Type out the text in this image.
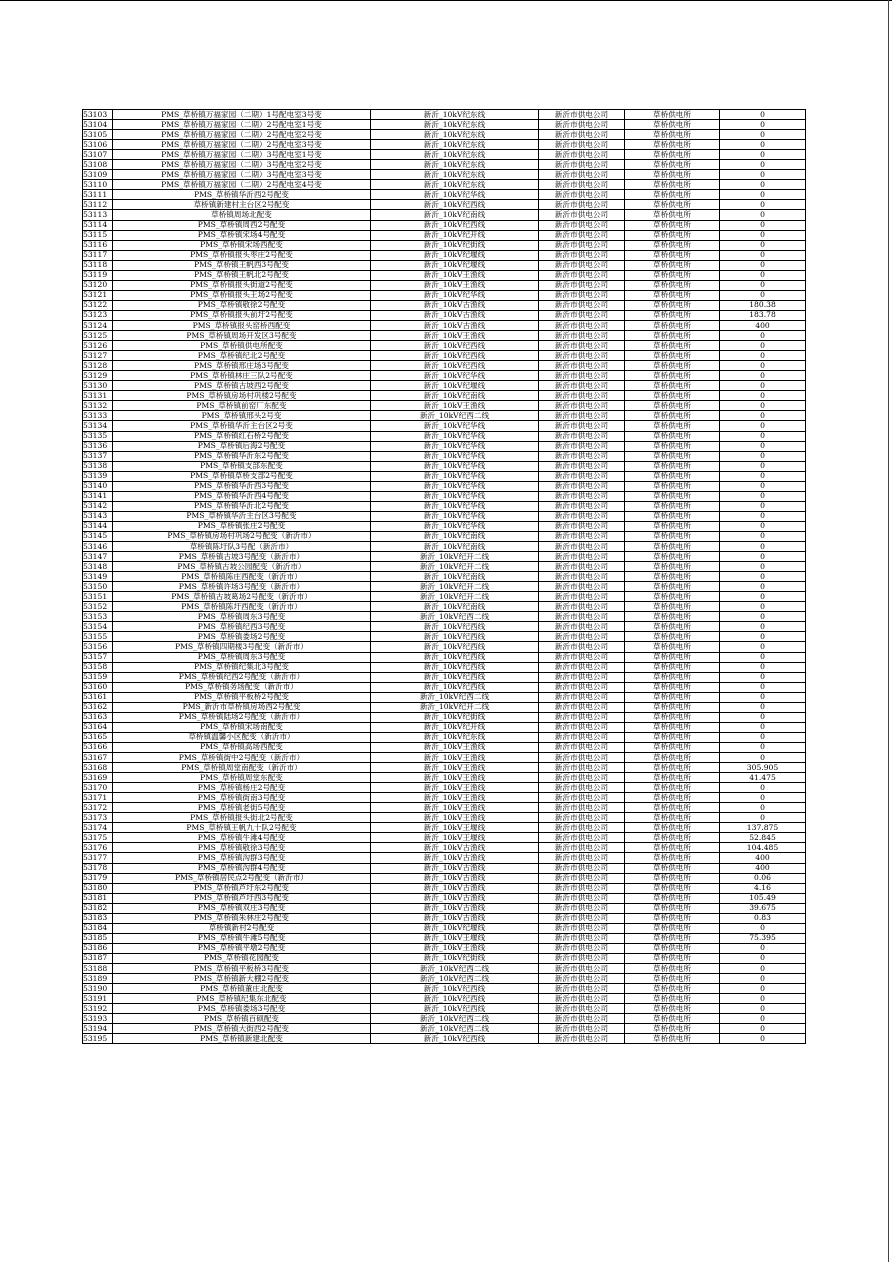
53103	PMS_草桥镇万福家园（二期）1号配电室3号变	新沂_10kV纪东线	新沂市供电公司	草桥供电所	0
53104	PMS_草桥镇万福家园（二期）2号配电室1号变	新沂_10kV纪东线	新沂市供电公司	草桥供电所	0
53105	PMS_草桥镇万福家园（二期）2号配电室2号变	新沂_10kV纪东线	新沂市供电公司	草桥供电所	0
53106	PMS_草桥镇万福家园（二期）2号配电室3号变	新沂_10kV纪东线	新沂市供电公司	草桥供电所	0
53107	PMS_草桥镇万福家园（二期）3号配电室1号变	新沂_10kV纪东线	新沂市供电公司	草桥供电所	0
53108	PMS_草桥镇万福家园（二期）3号配电室2号变	新沂_10kV纪东线	新沂市供电公司	草桥供电所	0
53109	PMS_草桥镇万福家园（二期）3号配电室3号变	新沂_10kV纪东线	新沂市供电公司	草桥供电所	0
53110	PMS_草桥镇万福家园（二期）2号配电室4号变	新沂_10kV纪东线	新沂市供电公司	草桥供电所	0
53111	PMS_草桥镇华沂西2号配变	新沂_10kV纪华线	新沂市供电公司	草桥供电所	0
53112	草桥镇新建村主台区2号配变	新沂_10kV纪西线	新沂市供电公司	草桥供电所	0
53113	草桥镇周场北配变	新沂_10kV纪南线	新沂市供电公司	草桥供电所	0
53114	PMS_草桥镇周西2号配变	新沂_10kV纪西线	新沂市供电公司	草桥供电所	0
53115	PMS_草桥镇宋场4号配变	新沂_10kV纪开线	新沂市供电公司	草桥供电所	0
53116	PMS_草桥镇宋场西配变	新沂_10kV纪街线	新沂市供电公司	草桥供电所	0
53117	PMS_草桥镇报头枣庄2号配变	新沂_10kV纪堰线	新沂市供电公司	草桥供电所	0
53118	PMS_草桥镇王帆西3号配变	新沂_10kV纪堰线	新沂市供电公司	草桥供电所	0
53119	PMS_草桥镇王帆北2号配变	新沂_10kV王渔线	新沂市供电公司	草桥供电所	0
53120	PMS_草桥镇报头街道2号配变	新沂_10kV王渔线	新沂市供电公司	草桥供电所	0
53121	PMS_草桥镇报头王场2号配变	新沂_10kV纪华线	新沂市供电公司	草桥供电所	0
53122	PMS_草桥镇敬徐2号配变	新沂_10kV古渔线	新沂市供电公司	草桥供电所	180.38
53123	PMS_草桥镇报头前圩2号配变	新沂_10kV古渔线	新沂市供电公司	草桥供电所	183.78
53124	PMS_草桥镇报头窑桥西配变	新沂_10kV古渔线	新沂市供电公司	草桥供电所	400
53125	PMS_草桥镇周场开发区3号配变	新沂_10kV王渔线	新沂市供电公司	草桥供电所	0
53126	PMS_草桥镇供电所配变	新沂_10kV纪西线	新沂市供电公司	草桥供电所	0
53127	PMS_草桥镇纪北2号配变	新沂_10kV纪西线	新沂市供电公司	草桥供电所	0
53128	PMS_草桥镇邢庄场3号配变	新沂_10kV纪西线	新沂市供电公司	草桥供电所	0
53129	PMS_草桥镇林庄三队2号配变	新沂_10kV纪华线	新沂市供电公司	草桥供电所	0
53130	PMS_草桥镇古坡西2号配变	新沂_10kV纪堰线	新沂市供电公司	草桥供电所	0
53131	PMS_草桥镇房场村巩楼2号配变	新沂_10kV纪南线	新沂市供电公司	草桥供电所	0
53132	PMS_草桥镇前窑厂东配变	新沂_10kV王渔线	新沂市供电公司	草桥供电所	0
53133	PMS_草桥镇邢头2号变	新沂_10kV纪西二线	新沂市供电公司	草桥供电所	0
53134	PMS_草桥镇华沂主台区2号变	新沂_10kV纪华线	新沂市供电公司	草桥供电所	0
53135	PMS_草桥镇红石桥2号配变	新沂_10kV纪华线	新沂市供电公司	草桥供电所	0
53136	PMS_草桥镇后海2号配变	新沂_10kV纪华线	新沂市供电公司	草桥供电所	0
53137	PMS_草桥镇华沂东2号配变	新沂_10kV纪华线	新沂市供电公司	草桥供电所	0
53138	PMS_草桥镇支部东配变	新沂_10kV纪华线	新沂市供电公司	草桥供电所	0
53139	PMS_草桥镇草桥支部2号配变	新沂_10kV纪华线	新沂市供电公司	草桥供电所	0
53140	PMS_草桥镇华沂西3号配变	新沂_10kV纪华线	新沂市供电公司	草桥供电所	0
53141	PMS_草桥镇华沂西4号配变	新沂_10kV纪华线	新沂市供电公司	草桥供电所	0
53142	PMS_草桥镇华沂北2号配变	新沂_10kV纪华线	新沂市供电公司	草桥供电所	0
53143	PMS_草桥镇华沂主台区3号配变	新沂_10kV纪华线	新沂市供电公司	草桥供电所	0
53144	PMS_草桥镇张庄2号配变	新沂_10kV纪华线	新沂市供电公司	草桥供电所	0
53145	PMS_草桥镇房场村巩场2号配变（新沂市）	新沂_10kV纪南线	新沂市供电公司	草桥供电所	0
53146	草桥镇陈圩队3号配（新沂市）	新沂_10kV纪南线	新沂市供电公司	草桥供电所	0
53147	PMS_草桥镇古坡3号配变（新沂市）	新沂_10kV纪开二线	新沂市供电公司	草桥供电所	0
53148	PMS_草桥镇古坡公园配变（新沂市）	新沂_10kV纪开二线	新沂市供电公司	草桥供电所	0
53149	PMS_草桥镇陈庄西配变（新沂市）	新沂_10kV纪南线	新沂市供电公司	草桥供电所	0
53150	PMS_草桥镇许场3号配变（新沂市）	新沂_10kV纪开二线	新沂市供电公司	草桥供电所	0
53151	PMS_草桥镇古坡葛场2号配变（新沂市）	新沂_10kV纪开二线	新沂市供电公司	草桥供电所	0
53152	PMS_草桥镇陈圩西配变（新沂市）	新沂_10kV纪南线	新沂市供电公司	草桥供电所	0
53153	PMS_草桥镇周东3号配变	新沂_10kV纪西二线	新沂市供电公司	草桥供电所	0
53154	PMS_草桥镇纪西3号配变	新沂_10kV纪西线	新沂市供电公司	草桥供电所	0
53155	PMS_草桥镇娄场2号配变	新沂_10kV纪西线	新沂市供电公司	草桥供电所	0
53156	PMS_草桥镇四期楼3号配变（新沂市）	新沂_10kV纪西线	新沂市供电公司	草桥供电所	0
53157	PMS_草桥镇周东3号配变	新沂_10kV纪西线	新沂市供电公司	草桥供电所	0
53158	PMS_草桥镇纪集北3号配变	新沂_10kV纪西线	新沂市供电公司	草桥供电所	0
53159	PMS_草桥镇纪西2号配变（新沂市）	新沂_10kV纪西线	新沂市供电公司	草桥供电所	0
53160	PMS_草桥镇务场配变（新沂市）	新沂_10kV纪西线	新沂市供电公司	草桥供电所	0
53161	PMS_草桥镇平板桥2号配变	新沂_10kV纪西二线	新沂市供电公司	草桥供电所	0
53162	PMS_新沂市草桥镇房场西2号配变	新沂_10kV纪开二线	新沂市供电公司	草桥供电所	0
53163	PMS_草桥镇陆场2号配变（新沂市）	新沂_10kV纪街线	新沂市供电公司	草桥供电所	0
53164	PMS_草桥镇宋场南配变	新沂_10kV纪开线	新沂市供电公司	草桥供电所	0
53165	草桥镇温馨小区配变（新沂市）	新沂_10kV纪东线	新沂市供电公司	草桥供电所	0
53166	PMS_草桥镇高场西配变	新沂_10kV王渔线	新沂市供电公司	草桥供电所	0
53167	PMS_草桥镇街中2号配变（新沂市）	新沂_10kV王渔线	新沂市供电公司	草桥供电所	0
53168	PMS_草桥镇周堂南配变（新沂市）	新沂_10kV王渔线	新沂市供电公司	草桥供电所	305.905
53169	PMS_草桥镇周堂东配变	新沂_10kV王渔线	新沂市供电公司	草桥供电所	41.475
53170	PMS_草桥镇杨庄2号配变	新沂_10kV王渔线	新沂市供电公司	草桥供电所	0
53171	PMS_草桥镇街南3号配变	新沂_10kV王渔线	新沂市供电公司	草桥供电所	0
53172	PMS_草桥镇老街5号配变	新沂_10kV王渔线	新沂市供电公司	草桥供电所	0
53173	PMS_草桥镇报头街北2号配变	新沂_10kV王渔线	新沂市供电公司	草桥供电所	0
53174	PMS_草桥镇王帆九十队2号配变	新沂_10kV王堰线	新沂市供电公司	草桥供电所	137.875
53175	PMS_草桥镇牛滩4号配变	新沂_10kV王堰线	新沂市供电公司	草桥供电所	52.845
53176	PMS_草桥镇敬徐3号配变	新沂_10kV古渔线	新沂市供电公司	草桥供电所	104.485
53177	PMS_草桥镇沟群3号配变	新沂_10kV古渔线	新沂市供电公司	草桥供电所	400
53178	PMS_草桥镇沟群4号配变	新沂_10kV古渔线	新沂市供电公司	草桥供电所	400
53179	PMS_草桥镇居民点2号配变（新沂市）	新沂_10kV古渔线	新沂市供电公司	草桥供电所	0.06
53180	PMS_草桥镇芦圩东2号配变	新沂_10kV古渔线	新沂市供电公司	草桥供电所	4.16
53181	PMS_草桥镇芦圩西3号配变	新沂_10kV古渔线	新沂市供电公司	草桥供电所	105.49
53182	PMS_草桥镇双庄3号配变	新沂_10kV古渔线	新沂市供电公司	草桥供电所	39.675
53183	PMS_草桥镇朱林庄2号配变	新沂_10kV古渔线	新沂市供电公司	草桥供电所	0.83
53184	草桥镇新村2号配变	新沂_10kV纪堰线	新沂市供电公司	草桥供电所	0
53185	PMS_草桥镇牛滩5号配变	新沂_10kV王堰线	新沂市供电公司	草桥供电所	75.395
53186	PMS_草桥镇平墩2号配变	新沂_10kV王渔线	新沂市供电公司	草桥供电所	0
53187	PMS_草桥镇花园配变	新沂_10kV纪街线	新沂市供电公司	草桥供电所	0
53188	PMS_草桥镇平板桥3号配变	新沂_10kV纪西二线	新沂市供电公司	草桥供电所	0
53189	PMS_草桥镇新大棚2号配变	新沂_10kV纪西二线	新沂市供电公司	草桥供电所	0
53190	PMS_草桥镇董庄北配变	新沂_10kV纪西线	新沂市供电公司	草桥供电所	0
53191	PMS_草桥镇纪集东北配变	新沂_10kV纪西线	新沂市供电公司	草桥供电所	0
53192	PMS_草桥镇娄场3号配变	新沂_10kV纪西线	新沂市供电公司	草桥供电所	0
53193	PMS_草桥镇百硕配变	新沂_10kV纪西二线	新沂市供电公司	草桥供电所	0
53194	PMS_草桥镇大街西2号配变	新沂_10kV纪西二线	新沂市供电公司	草桥供电所	0
53195	PMS_草桥镇新建北配变	新沂_10kV纪西线	新沂市供电公司	草桥供电所	0
